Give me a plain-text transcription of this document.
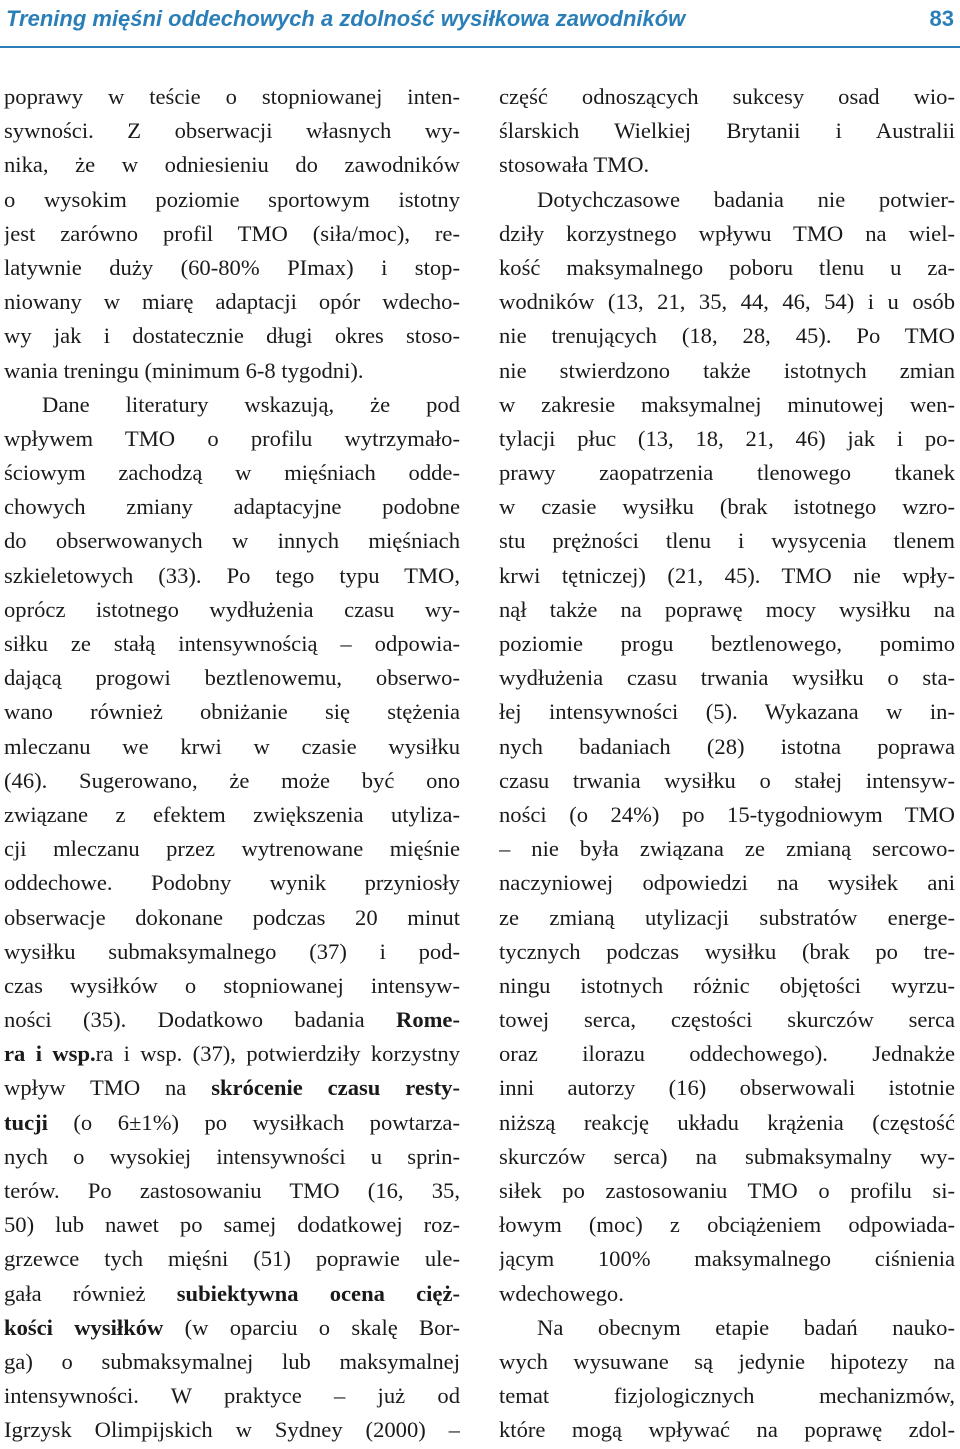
Trening mięśni oddechowych a zdolność wysiłkowa zawodników	83
poprawy w teście o stopniowanej inten-
sywności. Z obserwacji własnych wy-
nika, że w odniesieniu do zawodników
o wysokim poziomie sportowym istotny
jest zarówno profil TMO (siła/moc), re-
latywnie duży (60-80% PImax) i stop-
niowany w miarę adaptacji opór wdecho-
wy jak i dostatecznie długi okres stoso-
wania treningu (minimum 6-8 tygodni).
Dane literatury wskazują, że pod
wpływem TMO o profilu wytrzymało-
ściowym zachodzą w mięśniach odde-
chowych zmiany adaptacyjne podobne
do obserwowanych w innych mięśniach
szkieletowych (33). Po tego typu TMO,
oprócz istotnego wydłużenia czasu wy-
siłku ze stałą intensywnością – odpowia-
dającą progowi beztlenowemu, obserwo-
wano również obniżanie się stężenia
mleczanu we krwi w czasie wysiłku
(46). Sugerowano, że może być ono
związane z efektem zwiększenia utyliza-
cji mleczanu przez wytrenowane mięśnie
oddechowe. Podobny wynik przyniosły
obserwacje dokonane podczas 20 minut
wysiłku submaksymalnego (37) i pod-
czas wysiłków o stopniowanej intensyw-
ności (35). Dodatkowo badania Rome-
ra i wsp.ra i wsp. (37), potwierdziły korzystny
wpływ TMO na skrócenie czasu resty-
tucji (o 6±1%) po wysiłkach powtarza-
nych o wysokiej intensywności u sprin-
terów. Po zastosowaniu TMO (16, 35,
50) lub nawet po samej dodatkowej roz-
grzewce tych mięśni (51) poprawie ule-
gała również subiektywna ocena cięż-
kości wysiłków (w oparciu o skalę Bor-
ga) o submaksymalnej lub maksymalnej
intensywności. W praktyce – już od
Igrzysk Olimpijskich w Sydney (2000) –
część odnoszących sukcesy osad wio-
ślarskich Wielkiej Brytanii i Australii
stosowała TMO.
Dotychczasowe badania nie potwier-
dziły korzystnego wpływu TMO na wiel-
kość maksymalnego poboru tlenu u za-
wodników (13, 21, 35, 44, 46, 54) i u osób
nie trenujących (18, 28, 45). Po TMO
nie stwierdzono także istotnych zmian
w zakresie maksymalnej minutowej wen-
tylacji płuc (13, 18, 21, 46) jak i po-
prawy zaopatrzenia tlenowego tkanek
w czasie wysiłku (brak istotnego wzro-
stu prężności tlenu i wysycenia tlenem
krwi tętniczej) (21, 45). TMO nie wpły-
nął także na poprawę mocy wysiłku na
poziomie progu beztlenowego, pomimo
wydłużenia czasu trwania wysiłku o sta-
łej intensywności (5). Wykazana w in-
nych badaniach (28) istotna poprawa
czasu trwania wysiłku o stałej intensyw-
ności (o 24%) po 15-tygodniowym TMO
– nie była związana ze zmianą sercowo-
naczyniowej odpowiedzi na wysiłek ani
ze zmianą utylizacji substratów energe-
tycznych podczas wysiłku (brak po tre-
ningu istotnych różnic objętości wyrzu-
towej serca, częstości skurczów serca
oraz ilorazu oddechowego). Jednakże
inni autorzy (16) obserwowali istotnie
niższą reakcję układu krążenia (częstość
skurczów serca) na submaksymalny wy-
siłek po zastosowaniu TMO o profilu si-
łowym (moc) z obciążeniem odpowiada-
jącym 100% maksymalnego ciśnienia
wdechowego.
Na obecnym etapie badań nauko-
wych wysuwane są jedynie hipotezy na
temat fizjologicznych mechanizmów,
które mogą wpływać na poprawę zdol-
